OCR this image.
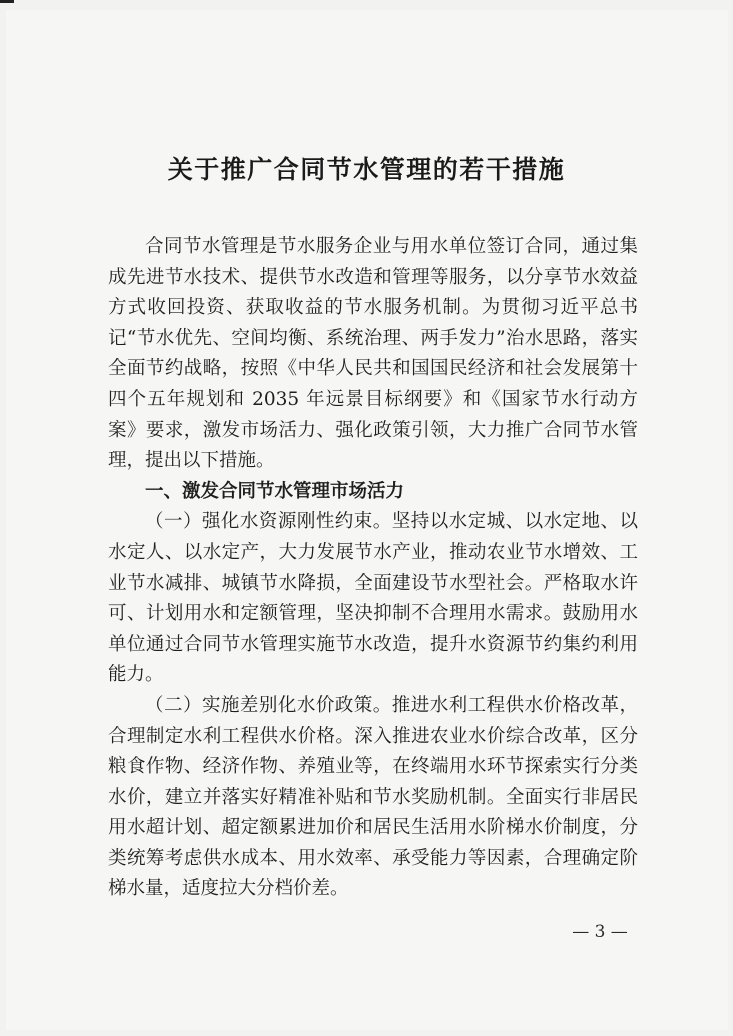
关于推广合同节水管理的若干措施

合同节水管理是节水服务企业与用水单位签订合同，通过集成先进节水技术、提供节水改造和管理等服务，以分享节水效益方式收回投资、获取收益的节水服务机制。为贯彻习近平总书记“节水优先、空间均衡、系统治理、两手发力”治水思路，落实全面节约战略，按照《中华人民共和国国民经济和社会发展第十四个五年规划和 2035 年远景目标纲要》和《国家节水行动方案》要求，激发市场活力、强化政策引领，大力推广合同节水管理，提出以下措施。

一、激发合同节水管理市场活力

（一）强化水资源刚性约束。坚持以水定城、以水定地、以水定人、以水定产，大力发展节水产业，推动农业节水增效、工业节水减排、城镇节水降损，全面建设节水型社会。严格取水许可、计划用水和定额管理，坚决抑制不合理用水需求。鼓励用水单位通过合同节水管理实施节水改造，提升水资源节约集约利用能力。

（二）实施差别化水价政策。推进水利工程供水价格改革，合理制定水利工程供水价格。深入推进农业水价综合改革，区分粮食作物、经济作物、养殖业等，在终端用水环节探索实行分类水价，建立并落实好精准补贴和节水奖励机制。全面实行非居民用水超计划、超定额累进加价和居民生活用水阶梯水价制度，分类统筹考虑供水成本、用水效率、承受能力等因素，合理确定阶梯水量，适度拉大分档价差。

— 3 —
